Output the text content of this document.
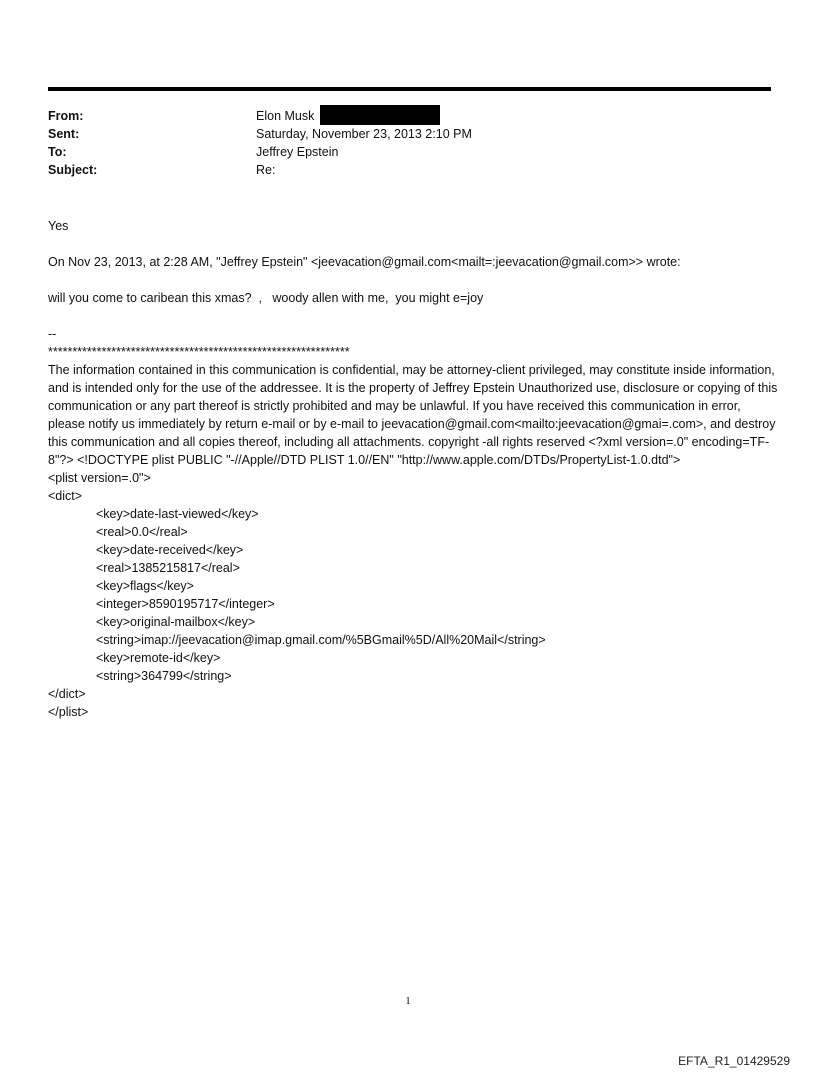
From:	Elon Musk
Sent:	Saturday, November 23, 2013 2:10 PM
To:	Jeffrey Epstein
Subject:	Re:
Yes
On Nov 23, 2013, at 2:28 AM, "Jeffrey Epstein" <jeevacation@gmail.com<mailt=:jeevacation@gmail.com>> wrote:
will you come to caribean this xmas?  ,   woody allen with me,  you might e=joy
--
**************************************************************
The information contained in this communication is confidential, may be attorney-client privileged, may constitute inside information, and is intended only for the use of the addressee. It is the property of Jeffrey Epstein Unauthorized use, disclosure or copying of this communication or any part thereof is strictly prohibited and may be unlawful. If you have received this communication in error, please notify us immediately by return e-mail or by e-mail to jeevacation@gmail.com<mailto:jeevacation@gmai=.com>, and destroy this communication and all copies thereof, including all attachments. copyright -all rights reserved <?xml version=.0" encoding=TF-8"?> <!DOCTYPE plist PUBLIC "-//Apple//DTD PLIST 1.0//EN" "http://www.apple.com/DTDs/PropertyList-1.0.dtd">
<plist version=.0">
<dict>
<key>date-last-viewed</key>
<real>0.0</real>
<key>date-received</key>
<real>1385215817</real>
<key>flags</key>
<integer>8590195717</integer>
<key>original-mailbox</key>
<string>imap://jeevacation@imap.gmail.com/%5BGmail%5D/All%20Mail</string>
<key>remote-id</key>
<string>364799</string>
</dict>
</plist>
1
EFTA_R1_01429529
